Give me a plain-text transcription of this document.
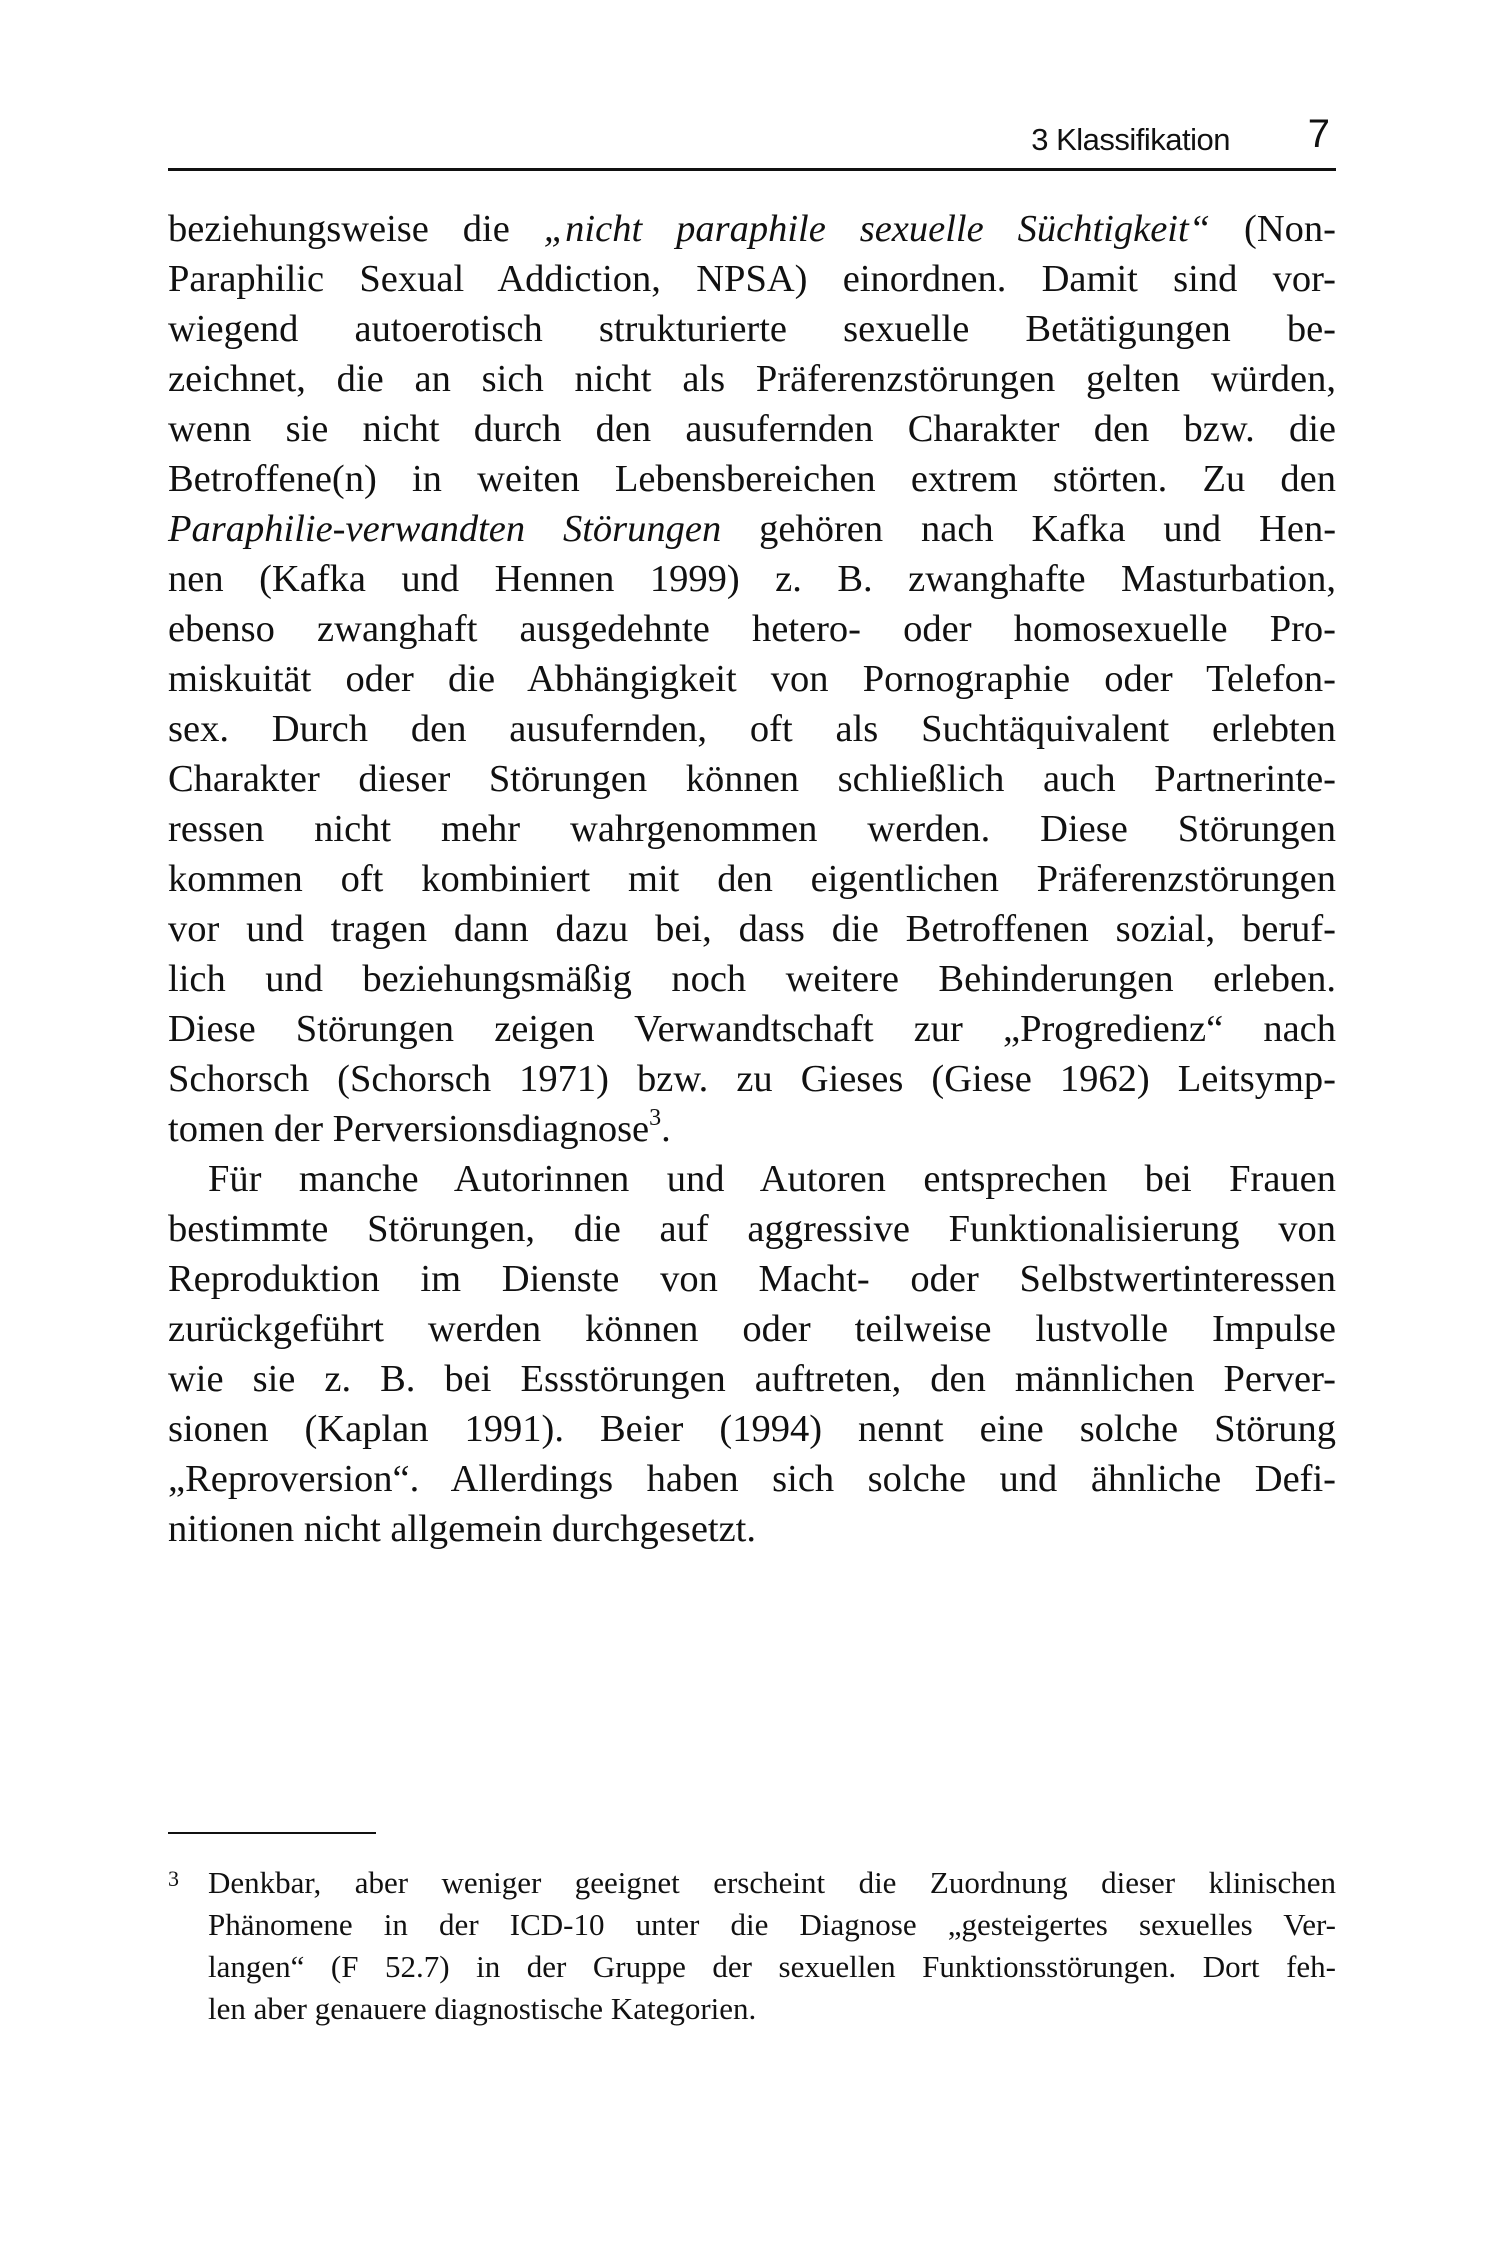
3 Klassifikation 7
beziehungsweise die „nicht paraphile sexuelle Süchtigkeit“ (Non-
Paraphilic Sexual Addiction, NPSA) einordnen. Damit sind vor-
wiegend autoerotisch strukturierte sexuelle Betätigungen be-
zeichnet, die an sich nicht als Präferenzstörungen gelten würden,
wenn sie nicht durch den ausufernden Charakter den bzw. die
Betroffene(n) in weiten Lebensbereichen extrem störten. Zu den
Paraphilie-verwandten Störungen gehören nach Kafka und Hen-
nen (Kafka und Hennen 1999) z. B. zwanghafte Masturbation,
ebenso zwanghaft ausgedehnte hetero- oder homosexuelle Pro-
miskuität oder die Abhängigkeit von Pornographie oder Telefon-
sex. Durch den ausufernden, oft als Suchtäquivalent erlebten
Charakter dieser Störungen können schließlich auch Partnerinte-
ressen nicht mehr wahrgenommen werden. Diese Störungen
kommen oft kombiniert mit den eigentlichen Präferenzstörungen
vor und tragen dann dazu bei, dass die Betroffenen sozial, beruf-
lich und beziehungsmäßig noch weitere Behinderungen erleben.
Diese Störungen zeigen Verwandtschaft zur „Progredienz“ nach
Schorsch (Schorsch 1971) bzw. zu Gieses (Giese 1962) Leitsymp-
tomen der Perversionsdiagnose$^3$.
Für manche Autorinnen und Autoren entsprechen bei Frauen
bestimmte Störungen, die auf aggressive Funktionalisierung von
Reproduktion im Dienste von Macht- oder Selbstwertinteressen
zurückgeführt werden können oder teilweise lustvolle Impulse
wie sie z. B. bei Essstörungen auftreten, den männlichen Perver-
sionen (Kaplan 1991). Beier (1994) nennt eine solche Störung
„Reproversion“. Allerdings haben sich solche und ähnliche Defi-
nitionen nicht allgemein durchgesetzt.
3 Denkbar, aber weniger geeignet erscheint die Zuordnung dieser klinischen
Phänomene in der ICD-10 unter die Diagnose „gesteigertes sexuelles Ver-
langen“ (F 52.7) in der Gruppe der sexuellen Funktionsstörungen. Dort feh-
len aber genauere diagnostische Kategorien.
